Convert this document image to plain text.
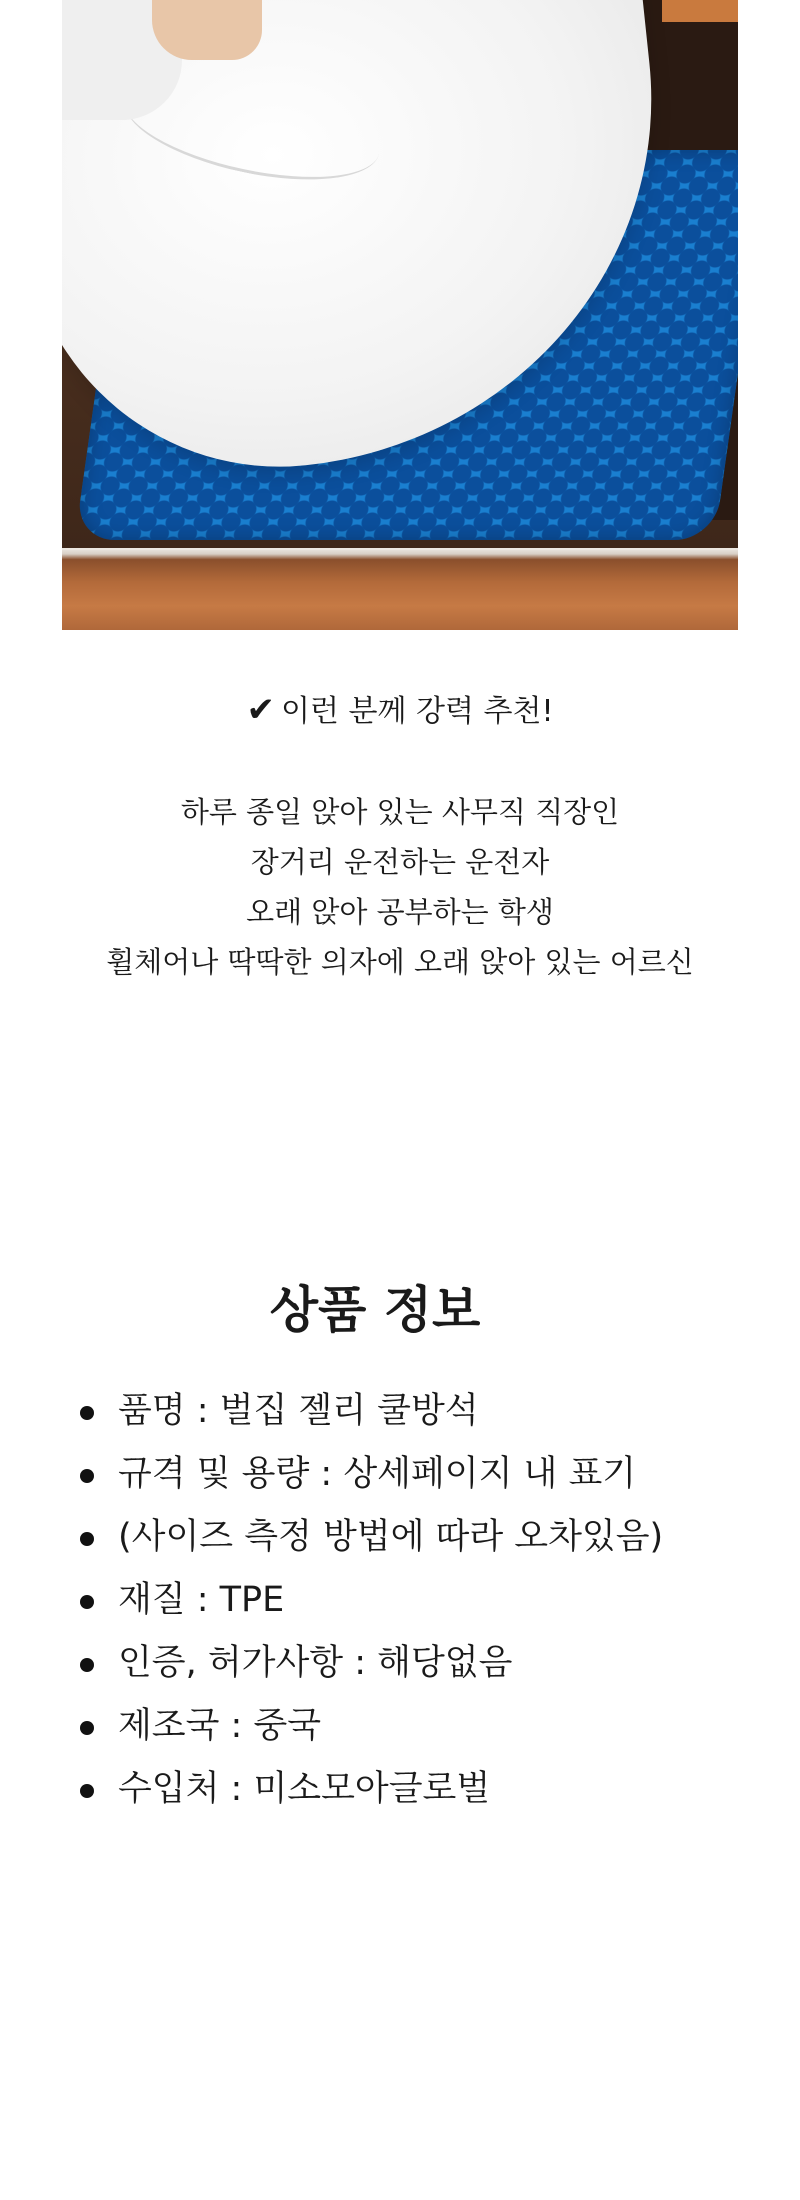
✔ 이런 분께 강력 추천!

하루 종일 앉아 있는 사무직 직장인
장거리 운전하는 운전자
오래 앉아 공부하는 학생
휠체어나 딱딱한 의자에 오래 앉아 있는 어르신
상품 정보
품명 : 벌집 젤리 쿨방석
규격 및 용량 : 상세페이지 내 표기
(사이즈 측정 방법에 따라 오차있음)
재질 : TPE
인증, 허가사항 : 해당없음
제조국 : 중국
수입처 : 미소모아글로벌
